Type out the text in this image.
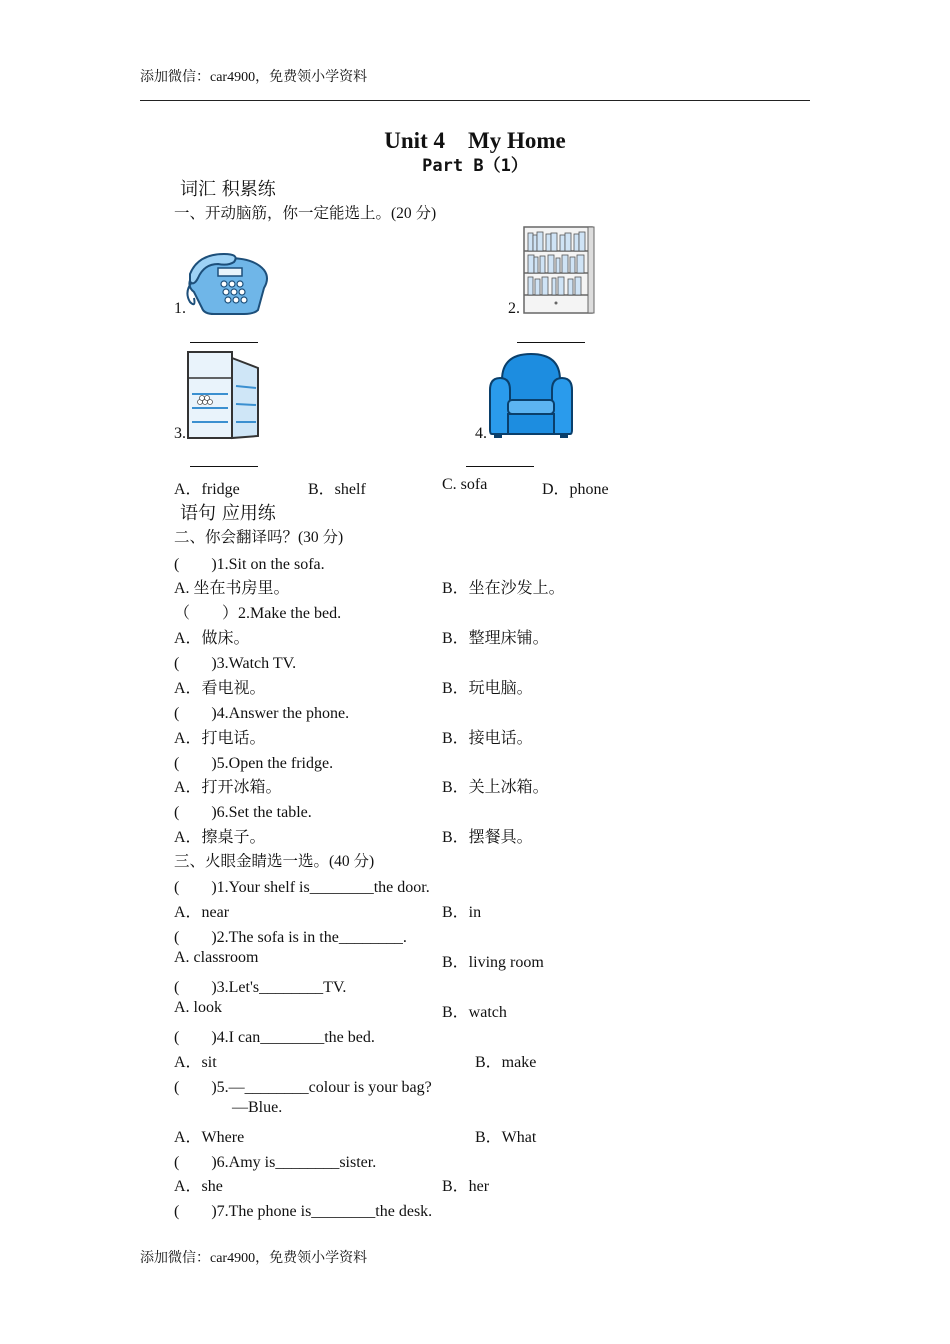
添加微信：car4900，免费领小学资料
Unit 4　My Home
Part B（1）
词汇 积累练
一、开动脑筋，你一定能选上。(20 分)
1.	2.
3.	4.
A．fridge	B．shelf	C. sofa	D．phone
语句 应用练
二、你会翻译吗？(30 分)
(　　)1.Sit on the sofa.
A. 坐在书房里。	B．坐在沙发上。
（　　）2.Make the bed.
A．做床。	B．整理床铺。
(　　)3.Watch TV.
A．看电视。	B．玩电脑。
(　　)4.Answer the phone.
A．打电话。	B．接电话。
(　　)5.Open the fridge.
A．打开冰箱。	B．关上冰箱。
(　　)6.Set the table.
A．擦桌子。	B．摆餐具。
三、火眼金睛选一选。(40 分)
(　　)1.Your shelf is________the door.
A．near	B．in
(　　)2.The sofa is in the________.
A. classroom	B．living room
(　　)3.Let's________TV.
A. look	B．watch
(　　)4.I can________the bed.
A．sit	B．make
(　　)5.—________colour is your bag?
—Blue.
A．Where	B．What
(　　)6.Amy is________sister.
A．she	B．her
(　　)7.The phone is________the desk.
添加微信：car4900，免费领小学资料
